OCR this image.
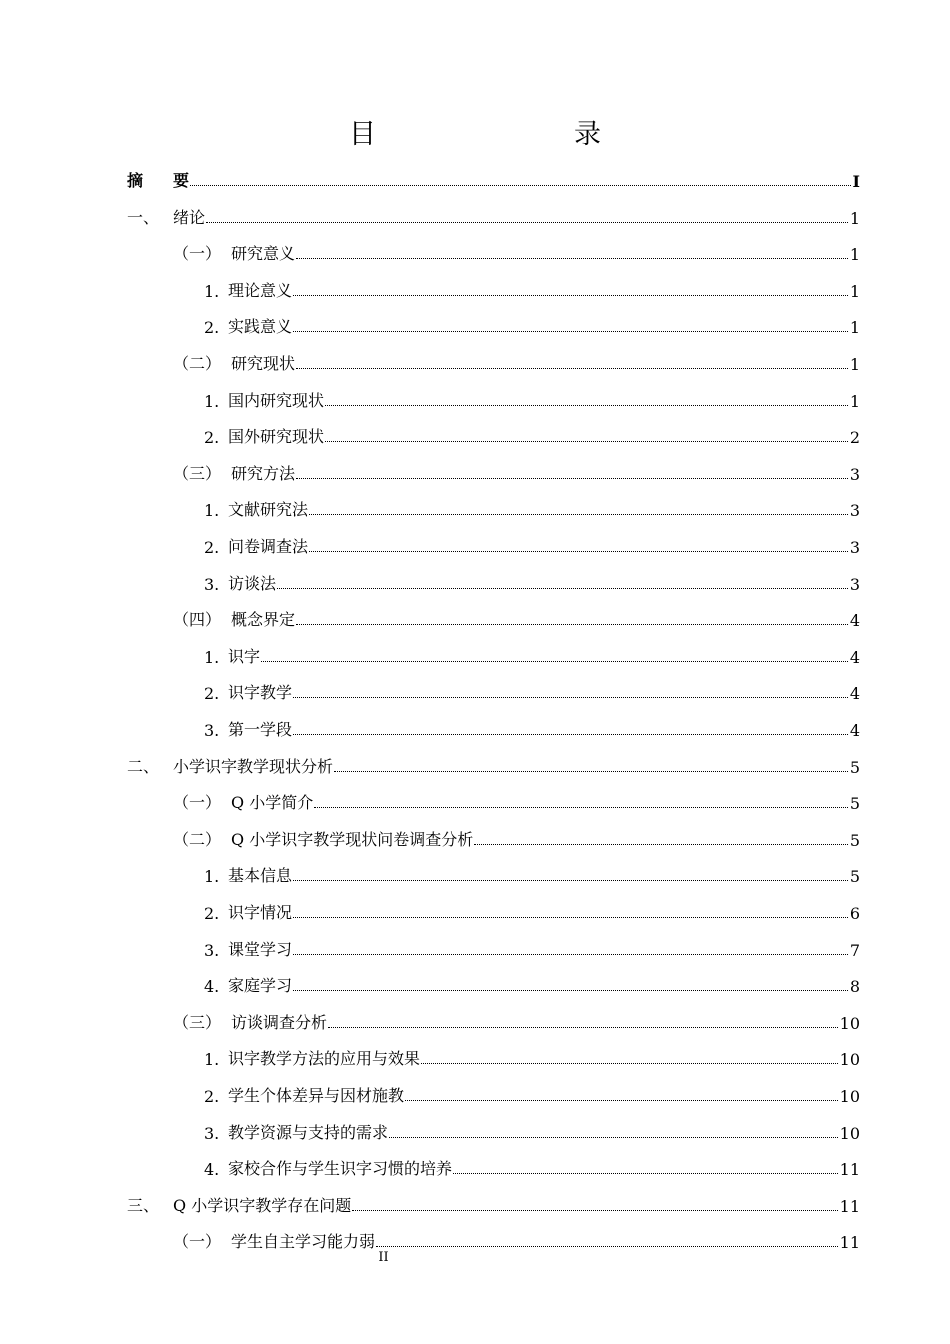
目　　录
摘	要	I
一、 绪论	1
（一） 研究意义	1
1. 理论意义	1
2. 实践意义	1
（二） 研究现状	1
1. 国内研究现状	1
2. 国外研究现状	2
（三） 研究方法	3
1. 文献研究法	3
2. 问卷调查法	3
3. 访谈法	3
（四） 概念界定	4
1. 识字	4
2. 识字教学	4
3. 第一学段	4
二、 小学识字教学现状分析	5
（一） Q 小学简介	5
（二） Q 小学识字教学现状问卷调查分析	5
1. 基本信息	5
2. 识字情况	6
3. 课堂学习	7
4. 家庭学习	8
（三） 访谈调查分析	10
1. 识字教学方法的应用与效果	10
2. 学生个体差异与因材施教	10
3. 教学资源与支持的需求	10
4. 家校合作与学生识字习惯的培养	11
三、 Q 小学识字教学存在问题	11
（一） 学生自主学习能力弱	11
II
